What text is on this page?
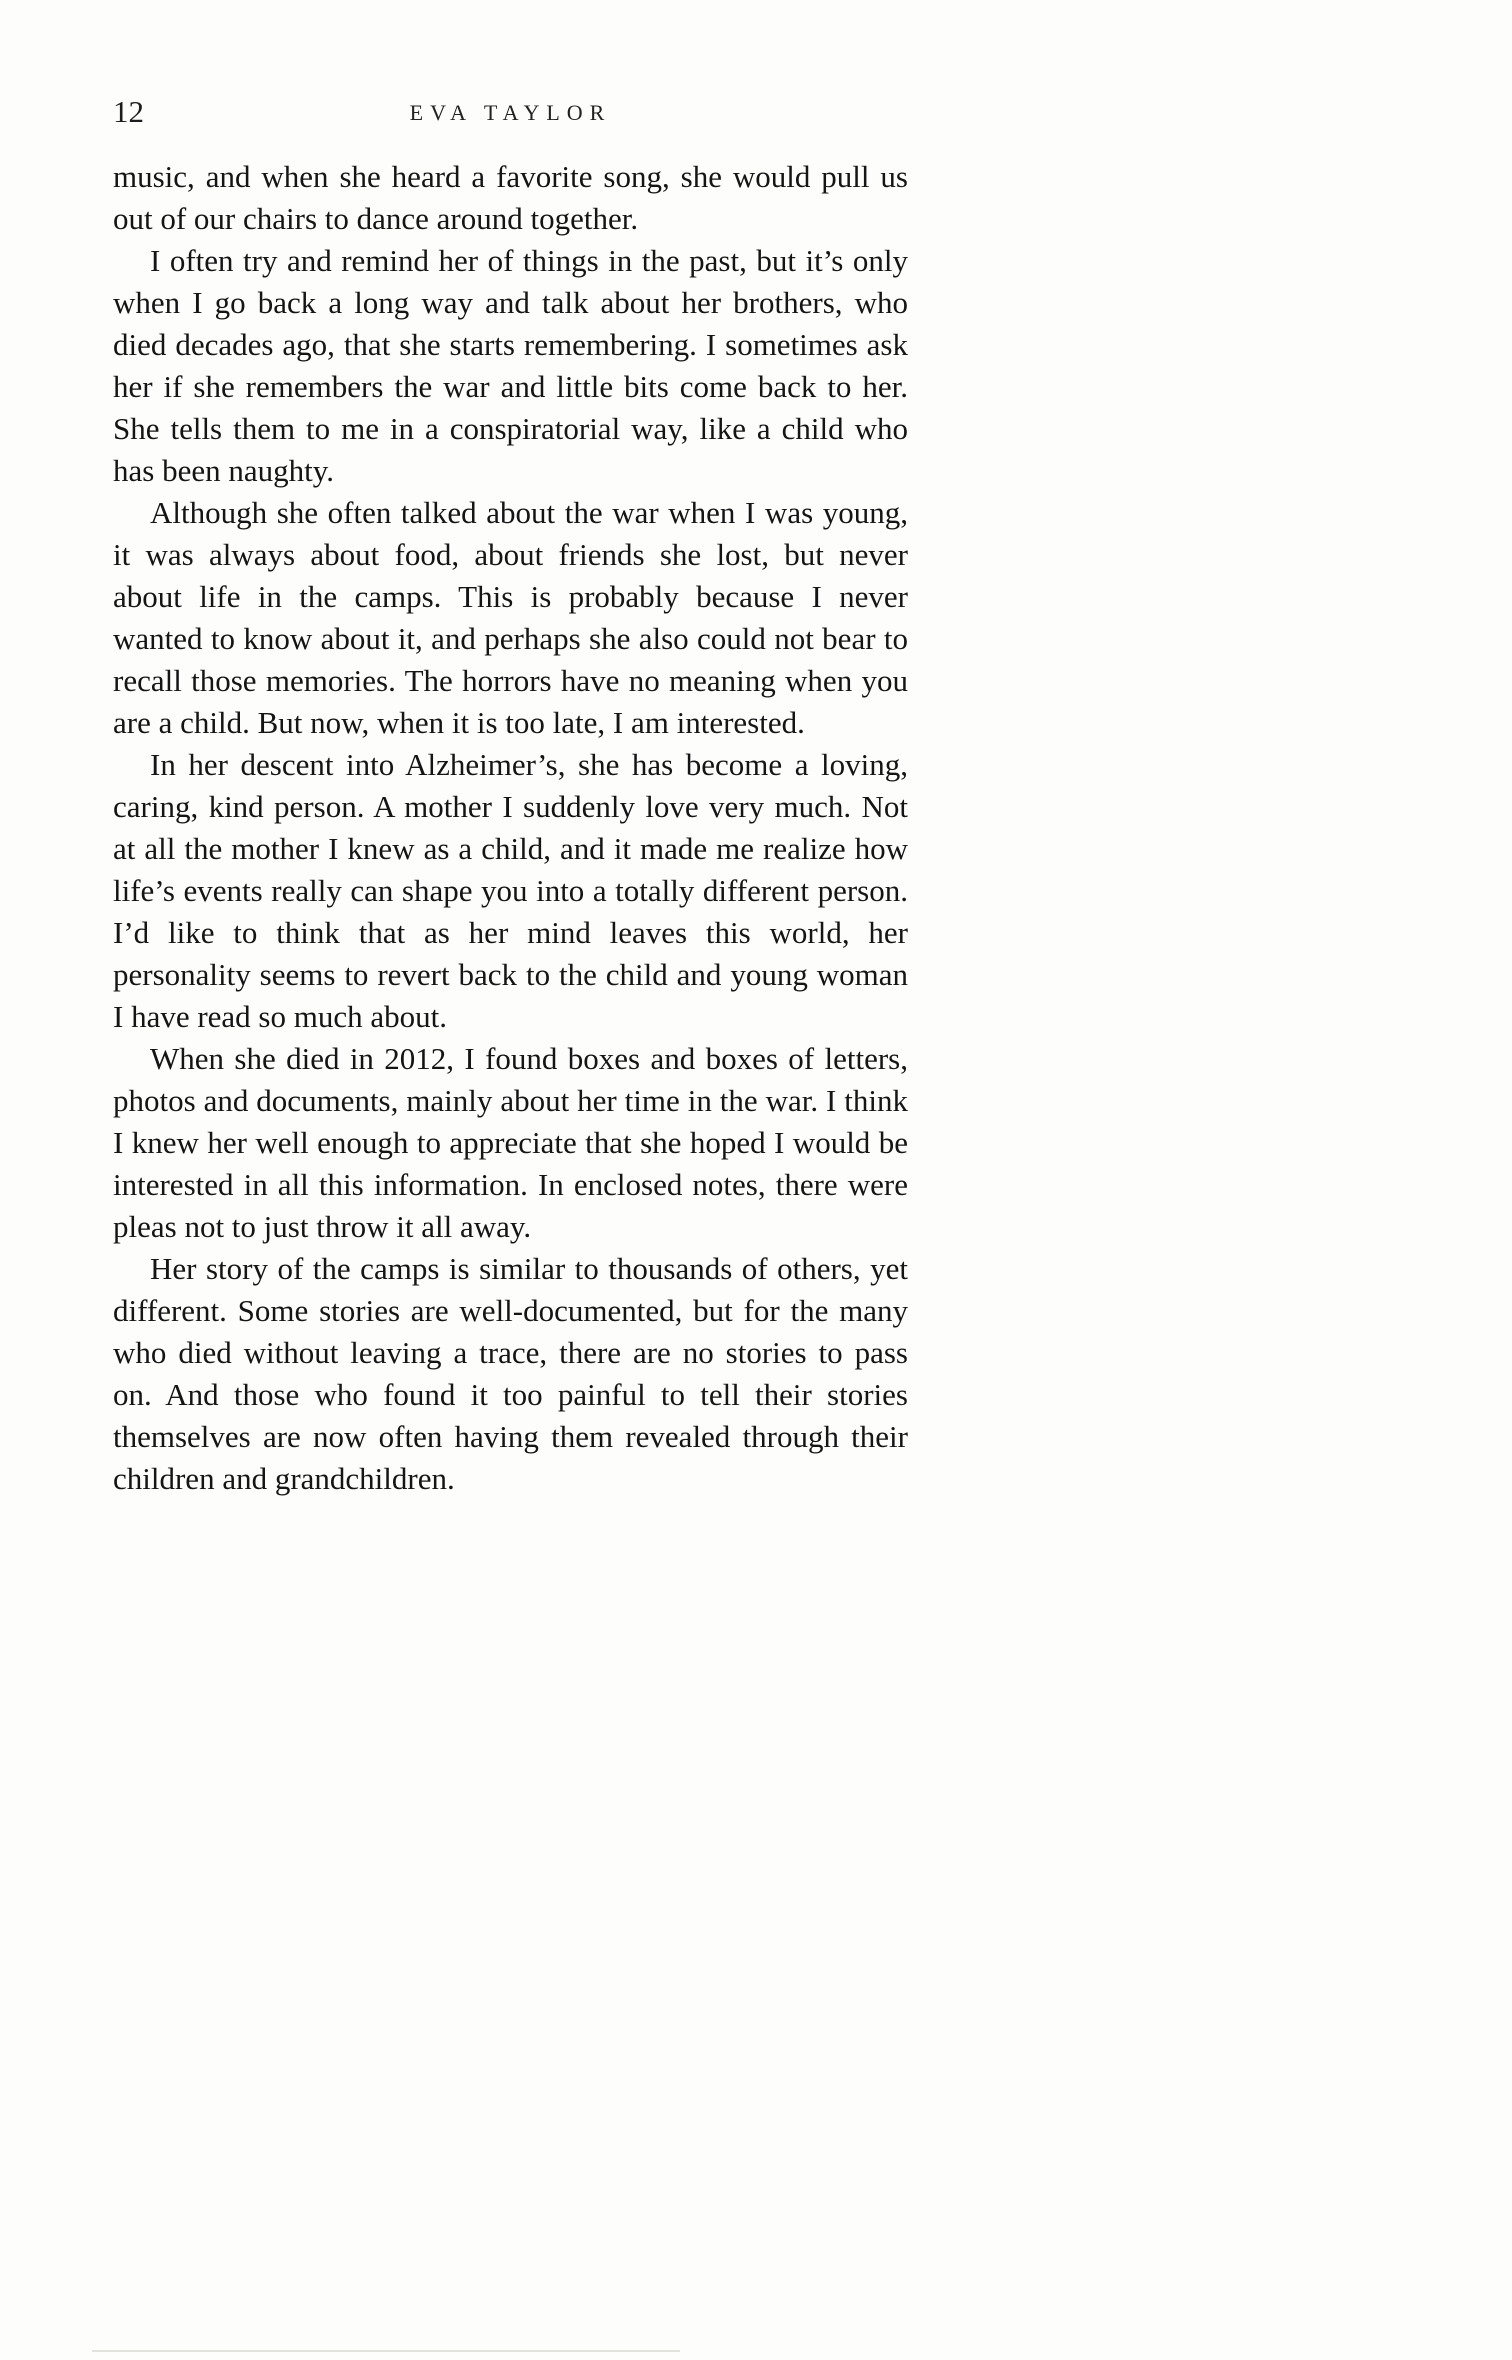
12	EVA TAYLOR

music, and when she heard a favorite song, she would pull us out of our chairs to dance around together.

I often try and remind her of things in the past, but it’s only when I go back a long way and talk about her brothers, who died decades ago, that she starts remembering. I sometimes ask her if she remembers the war and little bits come back to her. She tells them to me in a conspiratorial way, like a child who has been naughty.

Although she often talked about the war when I was young, it was always about food, about friends she lost, but never about life in the camps. This is probably because I never wanted to know about it, and perhaps she also could not bear to recall those memories. The horrors have no meaning when you are a child. But now, when it is too late, I am interested.

In her descent into Alzheimer’s, she has become a loving, caring, kind person. A mother I suddenly love very much. Not at all the mother I knew as a child, and it made me realize how life’s events really can shape you into a totally different person. I’d like to think that as her mind leaves this world, her personality seems to revert back to the child and young woman I have read so much about.

When she died in 2012, I found boxes and boxes of letters, photos and documents, mainly about her time in the war. I think I knew her well enough to appreciate that she hoped I would be interested in all this information. In enclosed notes, there were pleas not to just throw it all away.

Her story of the camps is similar to thousands of others, yet different. Some stories are well-documented, but for the many who died without leaving a trace, there are no stories to pass on. And those who found it too painful to tell their stories themselves are now often having them revealed through their children and grandchildren.
